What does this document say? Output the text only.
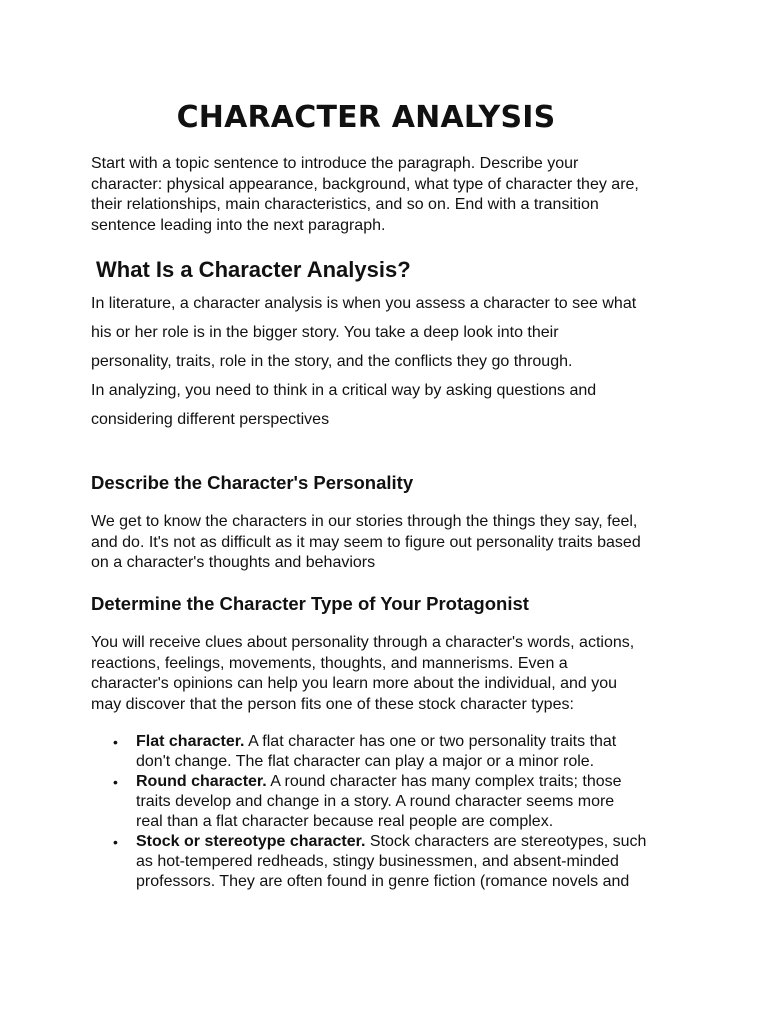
CHARACTER ANALYSIS

Start with a topic sentence to introduce the paragraph. Describe your
character: physical appearance, background, what type of character they are,
their relationships, main characteristics, and so on. End with a transition
sentence leading into the next paragraph.

What Is a Character Analysis?

In literature, a character analysis is when you assess a character to see what
his or her role is in the bigger story. You take a deep look into their
personality, traits, role in the story, and the conflicts they go through.
In analyzing, you need to think in a critical way by asking questions and
considering different perspectives

Describe the Character's Personality

We get to know the characters in our stories through the things they say, feel,
and do. It's not as difficult as it may seem to figure out personality traits based
on a character's thoughts and behaviors

Determine the Character Type of Your Protagonist

You will receive clues about personality through a character's words, actions,
reactions, feelings, movements, thoughts, and mannerisms. Even a
character's opinions can help you learn more about the individual, and you
may discover that the person fits one of these stock character types:

• Flat character. A flat character has one or two personality traits that
don't change. The flat character can play a major or a minor role.
• Round character. A round character has many complex traits; those
traits develop and change in a story. A round character seems more
real than a flat character because real people are complex.
• Stock or stereotype character. Stock characters are stereotypes, such
as hot-tempered redheads, stingy businessmen, and absent-minded
professors. They are often found in genre fiction (romance novels and
